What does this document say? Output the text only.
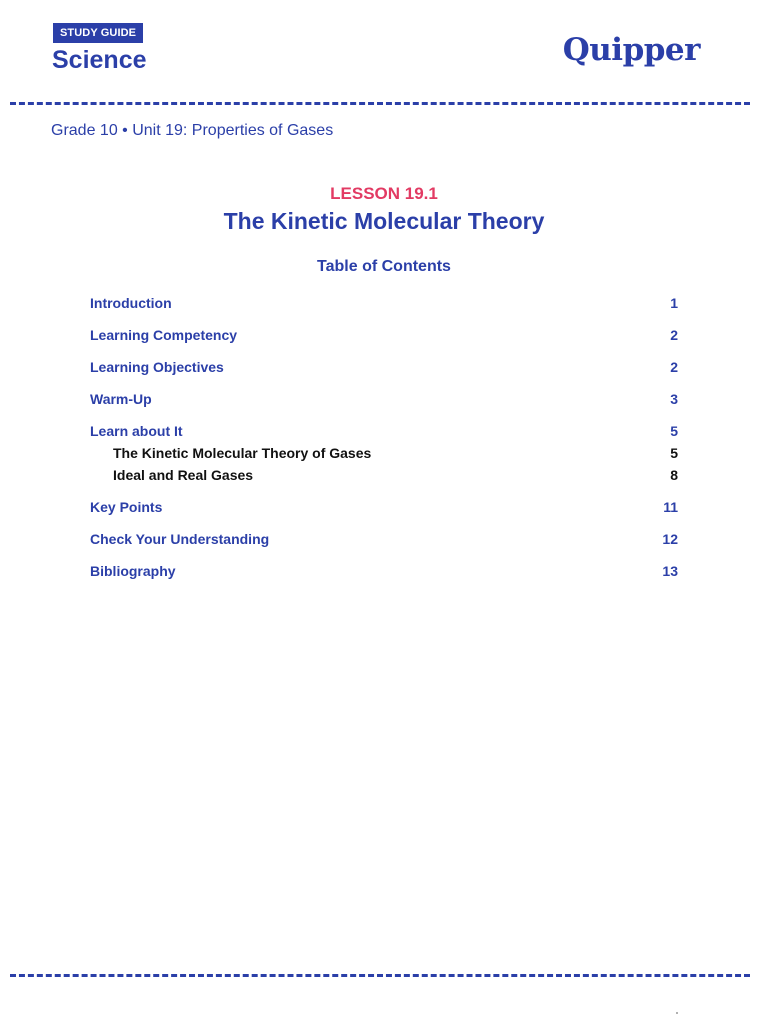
STUDY GUIDE
Science	Quipper
Grade 10 • Unit 19: Properties of Gases
LESSON 19.1
The Kinetic Molecular Theory
Table of Contents
Introduction	1
Learning Competency	2
Learning Objectives	2
Warm-Up	3
Learn about It	5
The Kinetic Molecular Theory of Gases	5
Ideal and Real Gases	8
Key Points	11
Check Your Understanding	12
Bibliography	13
